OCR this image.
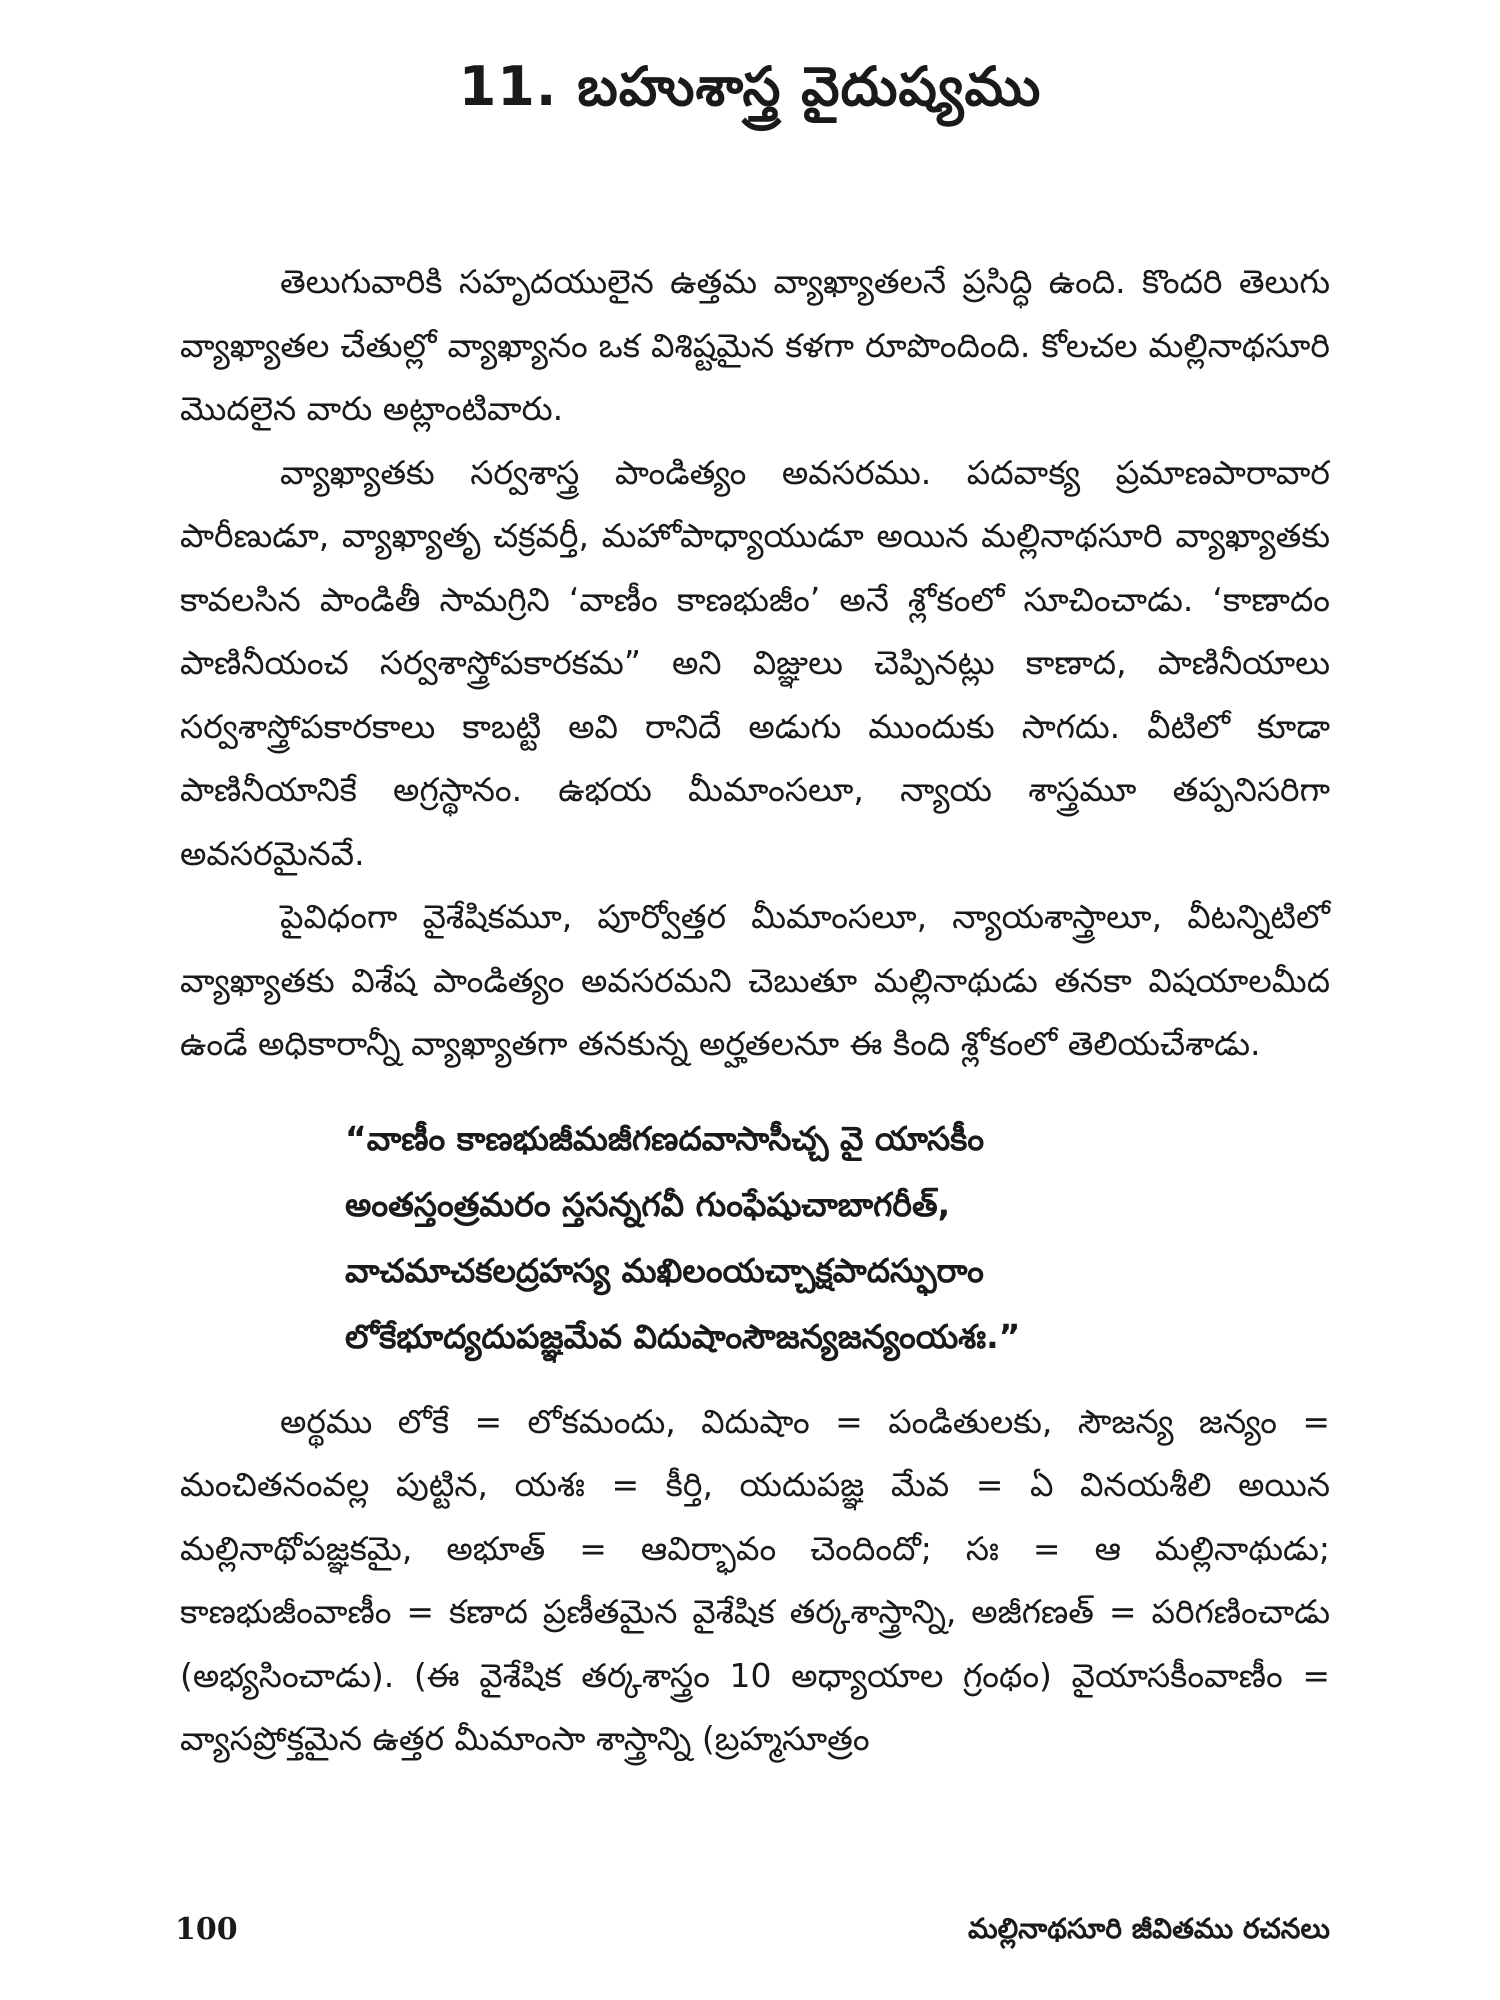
11. బహుశాస్త్ర వైదుష్యము

తెలుగువారికి సహృదయులైన ఉత్తమ వ్యాఖ్యాతలనే ప్రసిద్ధి ఉంది. కొందరి తెలుగు వ్యాఖ్యాతల చేతుల్లో వ్యాఖ్యానం ఒక విశిష్టమైన కళగా రూపొందింది. కోలచల మల్లినాథసూరి మొదలైన వారు అట్లాంటివారు.

వ్యాఖ్యాతకు సర్వశాస్త్ర పాండిత్యం అవసరము. పదవాక్య ప్రమాణపారావార పారీణుడూ, వ్యాఖ్యాతృ చక్రవర్తీ, మహోపాధ్యాయుడూ అయిన మల్లినాథసూరి వ్యాఖ్యాతకు కావలసిన పాండితీ సామగ్రిని ‘వాణీం కాణభుజీం’ అనే శ్లోకంలో సూచించాడు. ‘కాణాదం పాణినీయంచ సర్వశాస్త్రోపకారకమ” అని విజ్ఞులు చెప్పినట్లు కాణాద, పాణినీయాలు సర్వశాస్త్రోపకారకాలు కాబట్టి అవి రానిదే అడుగు ముందుకు సాగదు. వీటిలో కూడా పాణినీయానికే అగ్రస్థానం. ఉభయ మీమాంసలూ, న్యాయ శాస్త్రమూ తప్పనిసరిగా అవసరమైనవే.

పైవిధంగా వైశేషికమూ, పూర్వోత్తర మీమాంసలూ, న్యాయశాస్త్రాలూ, వీటన్నిటిలో వ్యాఖ్యాతకు విశేష పాండిత్యం అవసరమని చెబుతూ మల్లినాథుడు తనకా విషయాలమీద ఉండే అధికారాన్నీ వ్యాఖ్యాతగా తనకున్న అర్హతలనూ ఈ కింది శ్లోకంలో తెలియచేశాడు.

“వాణీం కాణభుజీమజీగణదవాసాసీచ్చ వై యాసకీం

అంతస్తంత్రమరం స్తసన్నగవీ గుంఫేషుచాబాగరీత్,

వాచమాచకలద్రహస్య మఖిలంయచ్చాక్షపాదస్ఫురాం

లోకేభూద్యదుపజ్ఞమేవ విదుషాంసౌజన్యజన్యంయశః.”

అర్థము లోకే = లోకమందు, విదుషాం = పండితులకు, సౌజన్య జన్యం = మంచితనంవల్ల పుట్టిన, యశః = కీర్తి, యదుపజ్ఞ మేవ = ఏ వినయశీలి అయిన మల్లినాథోపజ్ఞకమై, అభూత్ = ఆవిర్భావం చెందిందో; సః = ఆ మల్లినాథుడు; కాణభుజీంవాణీం = కణాద ప్రణీతమైన వైశేషిక తర్కశాస్త్రాన్ని, అజీగణత్ = పరిగణించాడు (అభ్యసించాడు). (ఈ వైశేషిక తర్కశాస్త్రం 10 అధ్యాయాల గ్రంథం) వైయాసకీంవాణీం = వ్యాసప్రోక్తమైన ఉత్తర మీమాంసా శాస్త్రాన్ని (బ్రహ్మసూత్రం

100	మల్లినాథసూరి జీవితము రచనలు
